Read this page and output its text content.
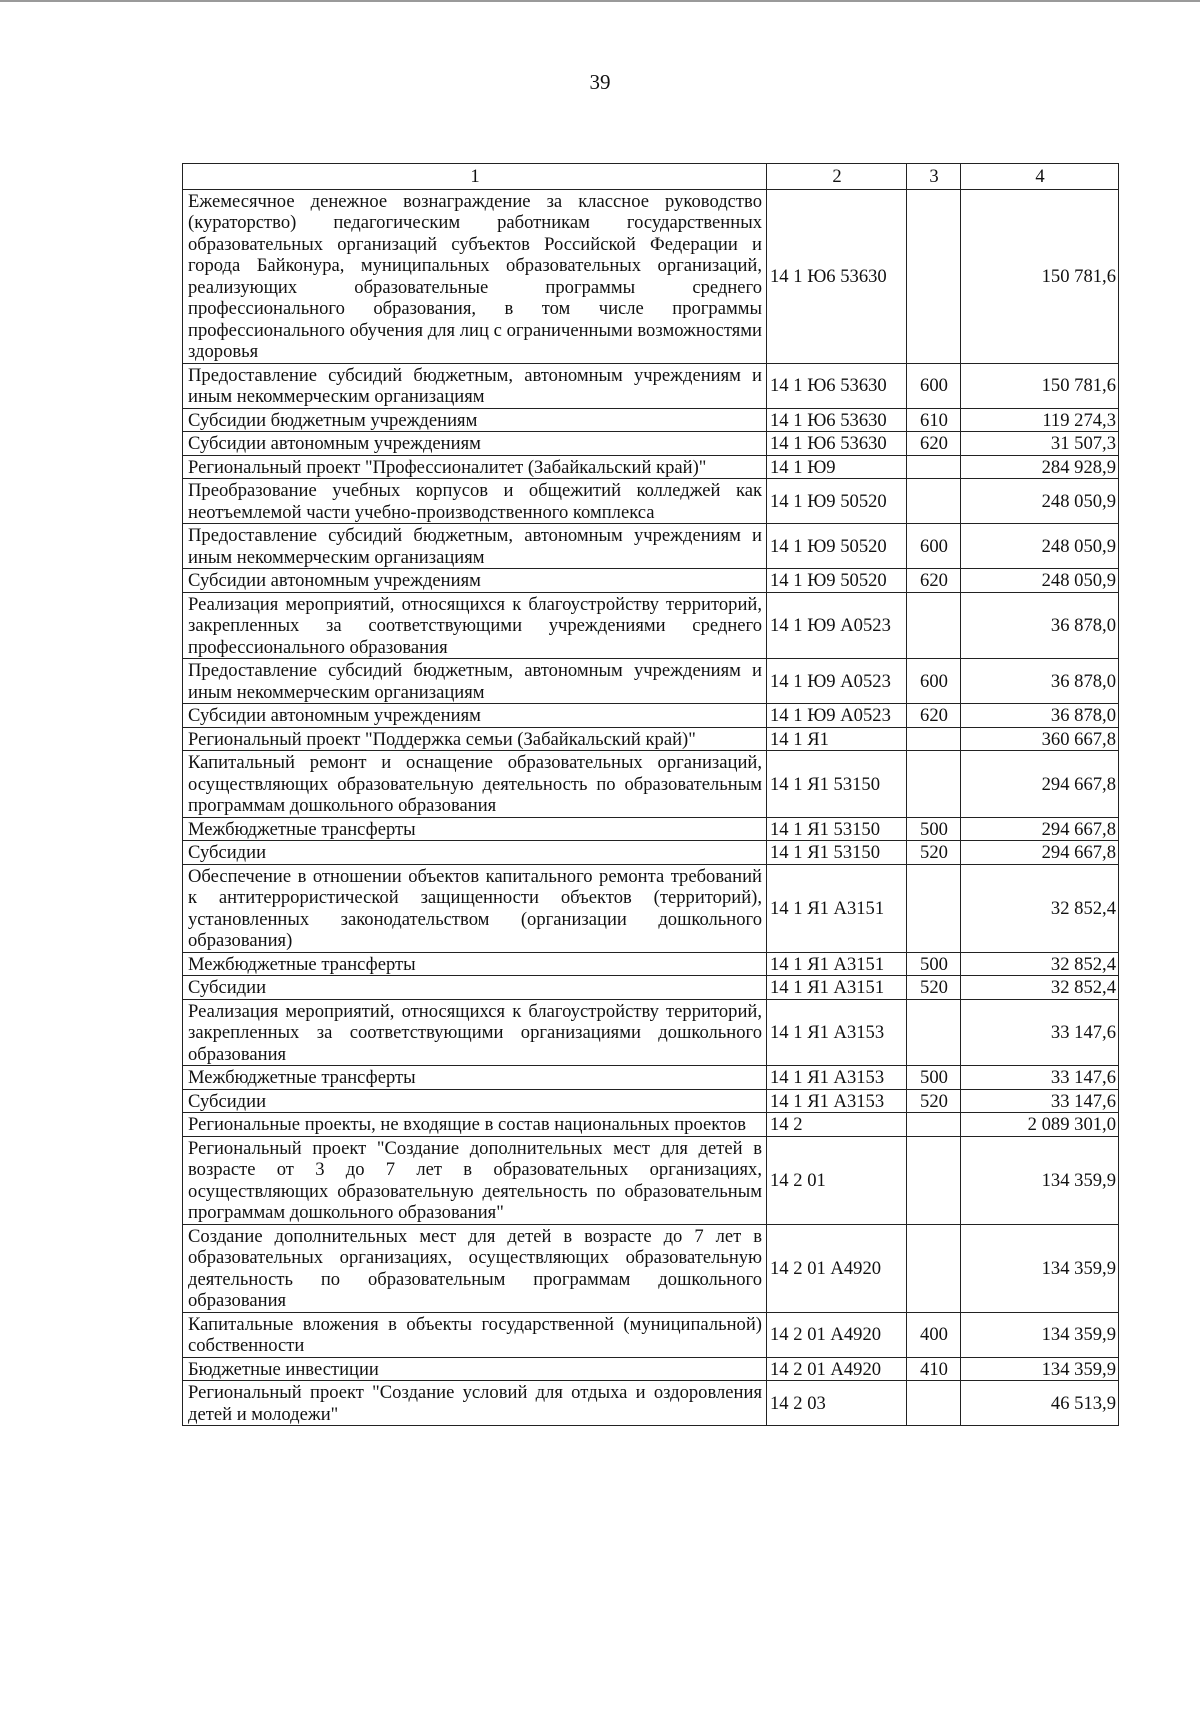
39
1	2	3	4
Ежемесячное денежное вознаграждение за классное руководство (кураторство) педагогическим работникам государственных образовательных организаций субъектов Российской Федерации и города Байконура, муниципальных образовательных организаций, реализующих образовательные программы среднего профессионального образования, в том числе программы профессионального обучения для лиц с ограниченными возможностями здоровья	14 1 Ю6 53630		150 781,6
Предоставление субсидий бюджетным, автономным учреждениям и иным некоммерческим организациям	14 1 Ю6 53630	600	150 781,6
Субсидии бюджетным учреждениям	14 1 Ю6 53630	610	119 274,3
Субсидии автономным учреждениям	14 1 Ю6 53630	620	31 507,3
Региональный проект "Профессионалитет (Забайкальский край)"	14 1 Ю9		284 928,9
Преобразование учебных корпусов и общежитий колледжей как неотъемлемой части учебно-производственного комплекса	14 1 Ю9 50520		248 050,9
Предоставление субсидий бюджетным, автономным учреждениям и иным некоммерческим организациям	14 1 Ю9 50520	600	248 050,9
Субсидии автономным учреждениям	14 1 Ю9 50520	620	248 050,9
Реализация мероприятий, относящихся к благоустройству территорий, закрепленных за соответствующими учреждениями среднего профессионального образования	14 1 Ю9 А0523		36 878,0
Предоставление субсидий бюджетным, автономным учреждениям и иным некоммерческим организациям	14 1 Ю9 А0523	600	36 878,0
Субсидии автономным учреждениям	14 1 Ю9 А0523	620	36 878,0
Региональный проект "Поддержка семьи (Забайкальский край)"	14 1 Я1		360 667,8
Капитальный ремонт и оснащение образовательных организаций, осуществляющих образовательную деятельность по образовательным программам дошкольного образования	14 1 Я1 53150		294 667,8
Межбюджетные трансферты	14 1 Я1 53150	500	294 667,8
Субсидии	14 1 Я1 53150	520	294 667,8
Обеспечение в отношении объектов капитального ремонта требований к антитеррористической защищенности объектов (территорий), установленных законодательством (организации дошкольного образования)	14 1 Я1 А3151		32 852,4
Межбюджетные трансферты	14 1 Я1 А3151	500	32 852,4
Субсидии	14 1 Я1 А3151	520	32 852,4
Реализация мероприятий, относящихся к благоустройству территорий, закрепленных за соответствующими организациями дошкольного образования	14 1 Я1 А3153		33 147,6
Межбюджетные трансферты	14 1 Я1 А3153	500	33 147,6
Субсидии	14 1 Я1 А3153	520	33 147,6
Региональные проекты, не входящие в состав национальных проектов	14 2		2 089 301,0
Региональный проект "Создание дополнительных мест для детей в возрасте от 3 до 7 лет в образовательных организациях, осуществляющих образовательную деятельность по образовательным программам дошкольного образования"	14 2 01		134 359,9
Создание дополнительных мест для детей в возрасте до 7 лет в образовательных организациях, осуществляющих образовательную деятельность по образовательным программам дошкольного образования	14 2 01 А4920		134 359,9
Капитальные вложения в объекты государственной (муниципальной) собственности	14 2 01 А4920	400	134 359,9
Бюджетные инвестиции	14 2 01 А4920	410	134 359,9
Региональный проект "Создание условий для отдыха и оздоровления детей и молодежи"	14 2 03		46 513,9
